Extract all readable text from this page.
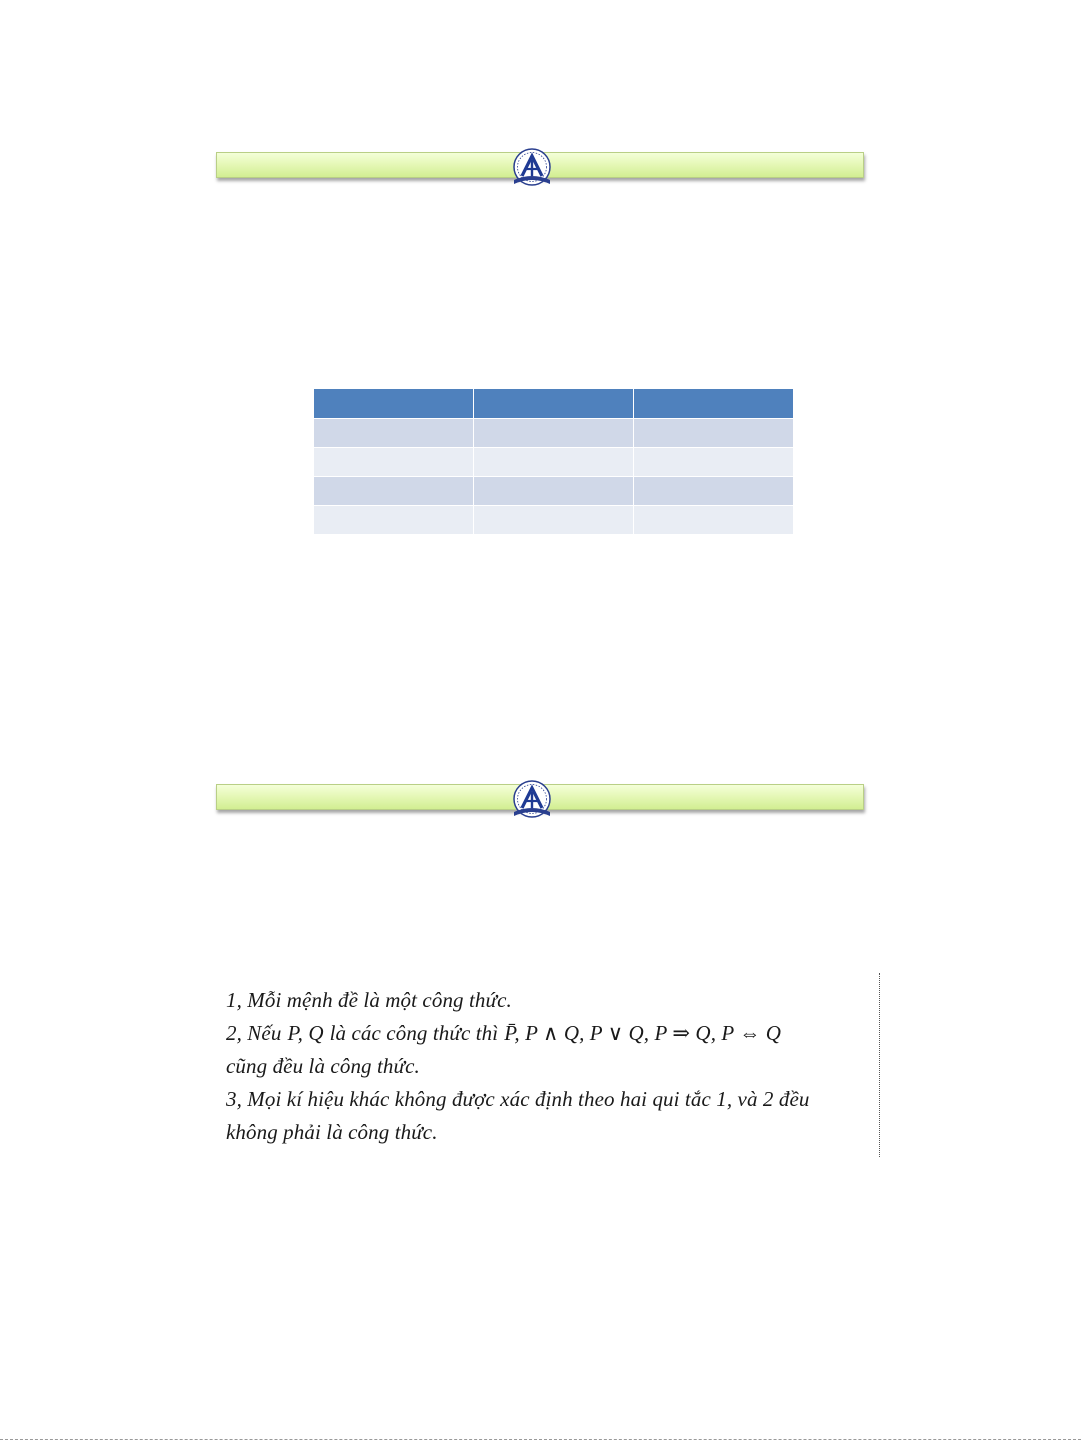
1, Mỗi mệnh đề là một công thức.

2, Nếu P, Q là các công thức thì P̄, P ∧ Q, P ∨ Q, P ⇒ Q, P ⇔ Q

cũng đều là công thức.

3, Mọi kí hiệu khác không được xác định theo hai qui tắc 1, và 2 đều

không phải là công thức.
